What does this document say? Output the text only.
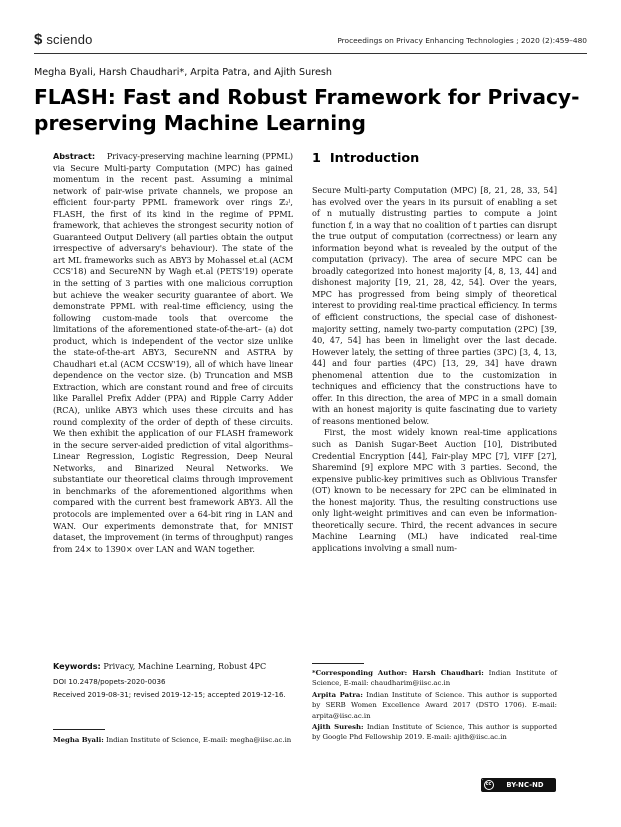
$ sciendo	Proceedings on Privacy Enhancing Technologies ; 2020 (2):459–480
Megha Byali, Harsh Chaudhari*, Arpita Patra, and Ajith Suresh
FLASH: Fast and Robust Framework for Privacy-preserving Machine Learning

Abstract: Privacy-preserving machine learning (PPML) via Secure Multi-party Computation (MPC) has gained momentum in the recent past. Assuming a minimal network of pair-wise private channels, we propose an efficient four-party PPML framework over rings ℤ₂ˡ, FLASH, the first of its kind in the regime of PPML framework, that achieves the strongest security notion of Guaranteed Output Delivery (all parties obtain the output irrespective of adversary's behaviour). The state of the art ML frameworks such as ABY3 by Mohassel et.al (ACM CCS'18) and SecureNN by Wagh et.al (PETS'19) operate in the setting of 3 parties with one malicious corruption but achieve the weaker security guarantee of abort. We demonstrate PPML with real-time efficiency, using the following custom-made tools that overcome the limitations of the aforementioned state-of-the-art– (a) dot product, which is independent of the vector size unlike the state-of-the-art ABY3, SecureNN and ASTRA by Chaudhari et.al (ACM CCSW'19), all of which have linear dependence on the vector size. (b) Truncation and MSB Extraction, which are constant round and free of circuits like Parallel Prefix Adder (PPA) and Ripple Carry Adder (RCA), unlike ABY3 which uses these circuits and has round complexity of the order of depth of these circuits. We then exhibit the application of our FLASH framework in the secure server-aided prediction of vital algorithms– Linear Regression, Logistic Regression, Deep Neural Networks, and Binarized Neural Networks. We substantiate our theoretical claims through improvement in benchmarks of the aforementioned algorithms when compared with the current best framework ABY3. All the protocols are implemented over a 64-bit ring in LAN and WAN. Our experiments demonstrate that, for MNIST dataset, the improvement (in terms of throughput) ranges from 24× to 1390× over LAN and WAN together.

Keywords: Privacy, Machine Learning, Robust 4PC
DOI 10.2478/popets-2020-0036
Received 2019-08-31; revised 2019-12-15; accepted 2019-12-16.
Megha Byali: Indian Institute of Science, E-mail: megha@iisc.ac.in
1 Introduction

Secure Multi-party Computation (MPC) [8, 21, 28, 33, 54] has evolved over the years in its pursuit of enabling a set of n mutually distrusting parties to compute a joint function f, in a way that no coalition of t parties can disrupt the true output of computation (correctness) or learn any information beyond what is revealed by the output of the computation (privacy). The area of secure MPC can be broadly categorized into honest majority [4, 8, 13, 44] and dishonest majority [19, 21, 28, 42, 54]. Over the years, MPC has progressed from being simply of theoretical interest to providing real-time practical efficiency. In terms of efficient constructions, the special case of dishonest-majority setting, namely two-party computation (2PC) [39, 40, 47, 54] has been in limelight over the last decade. However lately, the setting of three parties (3PC) [3, 4, 13, 44] and four parties (4PC) [13, 29, 34] have drawn phenomenal attention due to the customization in techniques and efficiency that the constructions have to offer. In this direction, the area of MPC in a small domain with an honest majority is quite fascinating due to variety of reasons mentioned below.

First, the most widely known real-time applications such as Danish Sugar-Beet Auction [10], Distributed Credential Encryption [44], Fair-play MPC [7], VIFF [27], Sharemind [9] explore MPC with 3 parties. Second, the expensive public-key primitives such as Oblivious Transfer (OT) known to be necessary for 2PC can be eliminated in the honest majority. Thus, the resulting constructions use only light-weight primitives and can even be information-theoretically secure. Third, the recent advances in secure Machine Learning (ML) have indicated real-time applications involving a small num-

*Corresponding Author: Harsh Chaudhari: Indian Institute of Science, E-mail: chaudharim@iisc.ac.in
Arpita Patra: Indian Institute of Science. This author is supported by SERB Women Excellence Award 2017 (DSTO 1706). E-mail: arpita@iisc.ac.in
Ajith Suresh: Indian Institute of Science, This author is supported by Google Phd Fellowship 2019. E-mail: ajith@iisc.ac.in
cc	BY-NC-ND
